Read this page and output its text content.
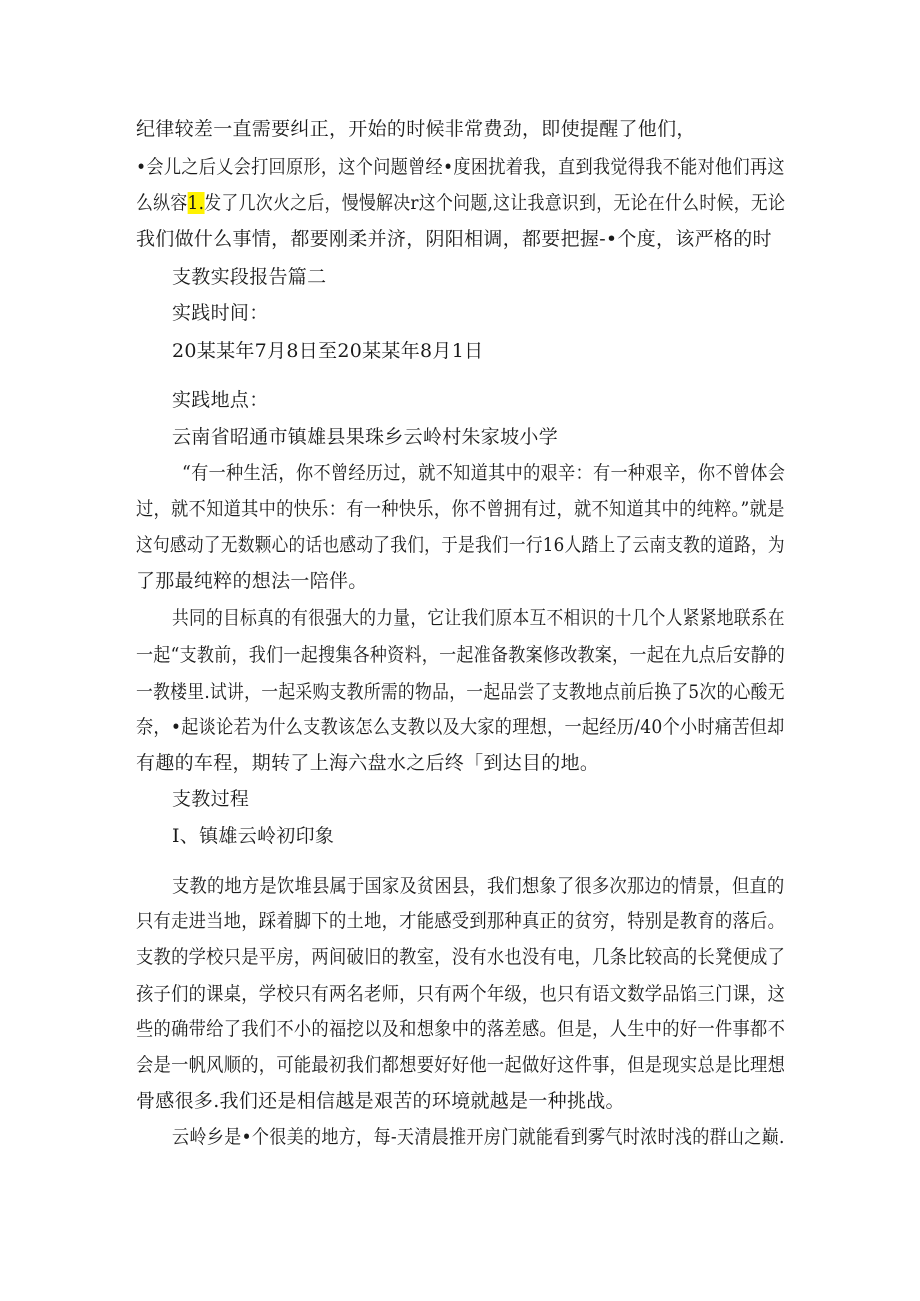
纪律较差一直需要纠正，开始的时候非常费劲，即使提醒了他们，
•会儿之后乂会打回原形，这个问题曾经•度困扰着我，直到我觉得我不能对他们再这
么纵容1.发了几次火之后，慢慢解决r这个问题,这让我意识到，无论在什么时候，无论
我们做什么事情，都要刚柔并济，阴阳相调，都要把握-•个度，该严格的时
支教实段报告篇二
实践时间：
20某某年7月8日至20某某年8月1日
实践地点：
云南省昭通市镇雄县果珠乡云岭村朱家坡小学
“有一种生活，你不曾经历过，就不知道其中的艰辛：有一种艰辛，你不曾体会
过，就不知道其中的快乐：有一种快乐，你不曾拥有过，就不知道其中的纯粹。”就是
这句感动了无数颗心的话也感动了我们，于是我们一行16人踏上了云南支教的道路，为
了那最纯粹的想法一陪伴。
共同的目标真的有很强大的力量，它让我们原本互不相识的十几个人紧紧地联系在
一起“支教前，我们一起搜集各种资料，一起准备教案修改教案，一起在九点后安静的
一教楼里.试讲，一起采购支教所需的物品，一起品尝了支教地点前后换了5次的心酸无
奈，•起谈论若为什么支教该怎么支教以及大家的理想，一起经历/40个小时痛苦但却
有趣的车程，期转了上海六盘水之后终「到达目的地。
支教过程
I、镇雄云岭初印象
支教的地方是饮堆县属于国家及贫困县，我们想象了很多次那边的情景，但直的
只有走进当地，踩着脚下的土地，才能感受到那种真正的贫穷，特别是教育的落后。
支教的学校只是平房，两间破旧的教室，没有水也没有电，几条比较高的长凳便成了
孩子们的课桌，学校只有两名老师，只有两个年级，也只有语文数学品馅三门课，这
些的确带给了我们不小的福挖以及和想象中的落差感。但是，人生中的好一件事都不
会是一帆风顺的，可能最初我们都想要好好他一起做好这件事，但是现实总是比理想
骨感很多.我们还是相信越是艰苦的环境就越是一种挑战。
云岭乡是•个很美的地方，每-天清晨推开房门就能看到雾气时浓时浅的群山之巅.
